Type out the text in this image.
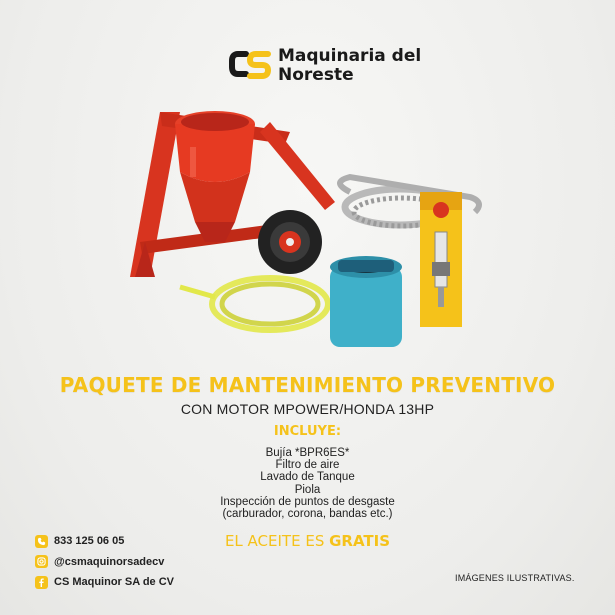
Maquinaria del
Noreste
PAQUETE DE MANTENIMIENTO PREVENTIVO
CON MOTOR MPOWER/HONDA 13HP
INCLUYE:
Bujía *BPR6ES*
Filtro de aire
Lavado de Tanque
Piola
Inspección de puntos de desgaste
(carburador, corona, bandas etc.)
EL ACEITE ES GRATIS
833 125 06 05
@csmaquinorsadecv
CS Maquinor SA de CV	IMÁGENES ILUSTRATIVAS.
